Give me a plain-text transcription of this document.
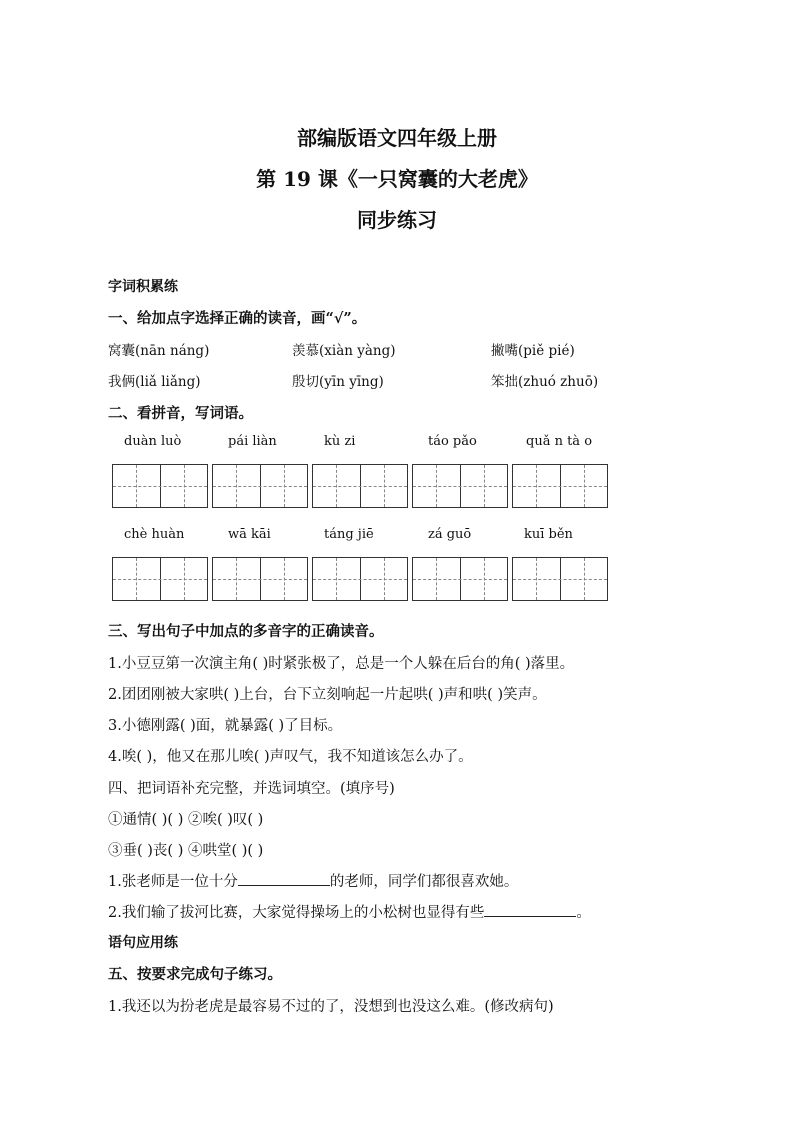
部编版语文四年级上册
第 19 课《一只窝囊的大老虎》
同步练习
字词积累练
一、给加点字选择正确的读音，画“√”。
窝囊(nān náng)	羡慕(xiàn yàng)	撇嘴(piě pié)
我俩(liǎ liǎng)	殷切(yīn yīng)	笨拙(zhuó zhuō)
二、看拼音，写词语。
duàn luò	pái liàn	kù zi	táo pǎo	quǎ n tà o
chè huàn	wā kāi	táng jiē	zá guō	kuī běn
三、写出句子中加点的多音字的正确读音。
1.小豆豆第一次演主角( )时紧张极了，总是一个人躲在后台的角( )落里。
2.团团刚被大家哄( )上台，台下立刻响起一片起哄( )声和哄( )笑声。
3.小德刚露( )面，就暴露( )了目标。
4.唉( )，他又在那儿唉( )声叹气，我不知道该怎么办了。
四、把词语补充完整，并选词填空。(填序号)
①通情( )( ) ②唉( )叹( )
③垂( )丧( ) ④哄堂( )( )
1.张老师是一位十分	的老师，同学们都很喜欢她。
2.我们输了拔河比赛，大家觉得操场上的小松树也显得有些	。
语句应用练
五、按要求完成句子练习。
1.我还以为扮老虎是最容易不过的了，没想到也没这么难。(修改病句)
